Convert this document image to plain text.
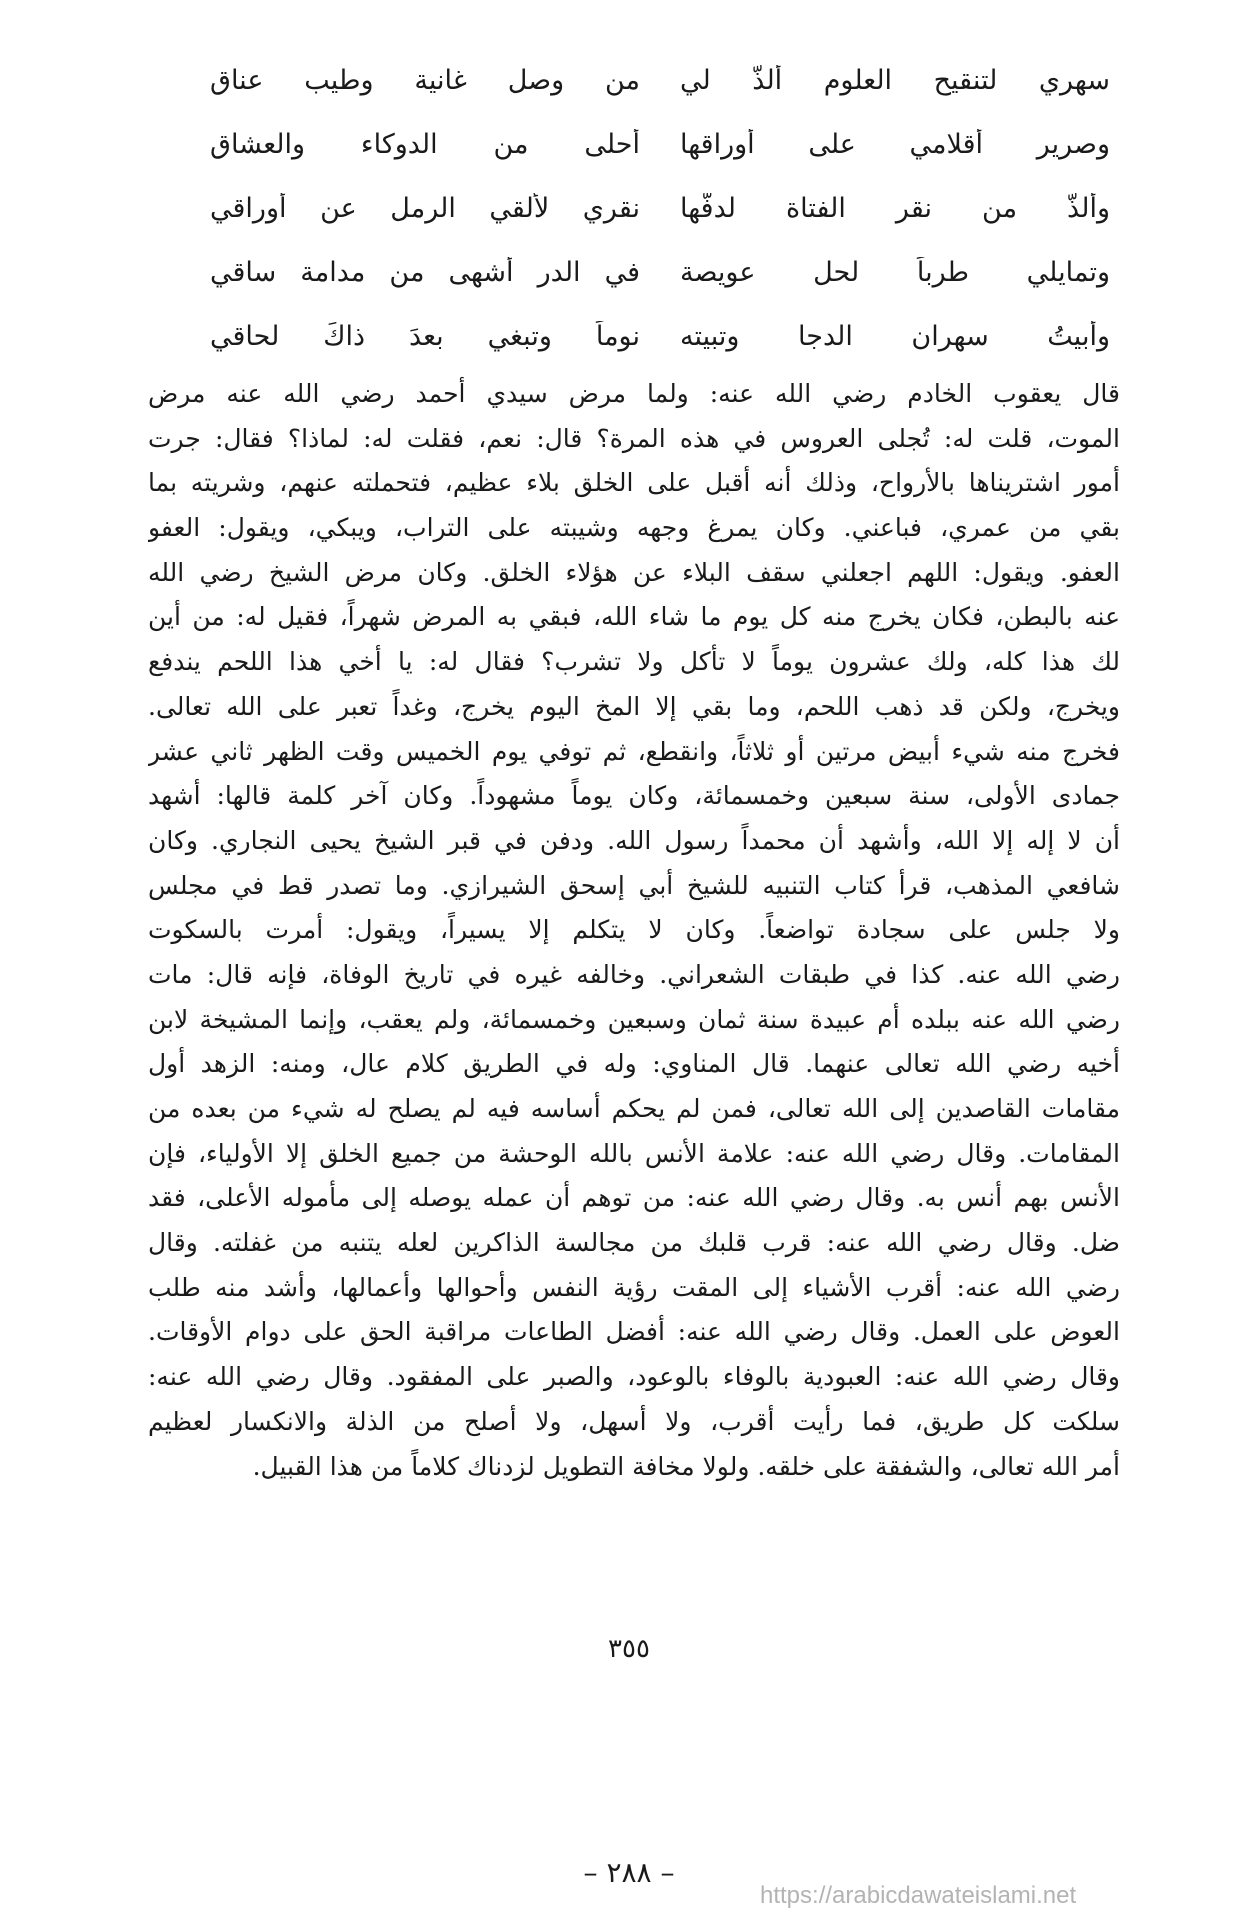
سهري لتنقيح العلوم ألذُّ لي
من وصل غانية وطيب عناق
وصرير أقلامي على أوراقها
أحلى من الدوكاء والعشاق
وألذُّ من نقر الفتاة لدفّها
نقري لألقي الرمل عن أوراقي
وتمايلي طرباً لحل عويصة
في الدر أشهى من مدامة ساقي
وأبيتُ سهران الدجا وتبيته
نوماً وتبغي بعدَ ذاكَ لحاقي
قال يعقوب الخادم رضي الله عنه: ولما مرض سيدي أحمد رضي الله عنه مرض
الموت، قلت له: تُجلى العروس في هذه المرة؟ قال: نعم، فقلت له: لماذا؟ فقال: جرت
أمور اشتريناها بالأرواح، وذلك أنه أقبل على الخلق بلاء عظيم، فتحملته عنهم، وشريته بما
بقي من عمري، فباعني. وكان يمرغ وجهه وشيبته على التراب، ويبكي، ويقول: العفو
العفو. ويقول: اللهم اجعلني سقف البلاء عن هؤلاء الخلق. وكان مرض الشيخ رضي الله
عنه بالبطن، فكان يخرج منه كل يوم ما شاء الله، فبقي به المرض شهراً، فقيل له: من أين
لك هذا كله، ولك عشرون يوماً لا تأكل ولا تشرب؟ فقال له: يا أخي هذا اللحم يندفع
ويخرج، ولكن قد ذهب اللحم، وما بقي إلا المخ اليوم يخرج، وغداً تعبر على الله تعالى.
فخرج منه شيء أبيض مرتين أو ثلاثاً، وانقطع، ثم توفي يوم الخميس وقت الظهر ثاني عشر
جمادى الأولى، سنة سبعين وخمسمائة، وكان يوماً مشهوداً. وكان آخر كلمة قالها: أشهد
أن لا إله إلا الله، وأشهد أن محمداً رسول الله. ودفن في قبر الشيخ يحيى النجاري. وكان
شافعي المذهب، قرأ كتاب التنبيه للشيخ أبي إسحق الشيرازي. وما تصدر قط في مجلس
ولا جلس على سجادة تواضعاً. وكان لا يتكلم إلا يسيراً، ويقول: أمرت بالسكوت
رضي الله عنه. كذا في طبقات الشعراني. وخالفه غيره في تاريخ الوفاة، فإنه قال: مات
رضي الله عنه ببلده أم عبيدة سنة ثمان وسبعين وخمسمائة، ولم يعقب، وإنما المشيخة لابن
أخيه رضي الله تعالى عنهما. قال المناوي: وله في الطريق كلام عال، ومنه: الزهد أول
مقامات القاصدين إلى الله تعالى، فمن لم يحكم أساسه فيه لم يصلح له شيء من بعده من
المقامات. وقال رضي الله عنه: علامة الأنس بالله الوحشة من جميع الخلق إلا الأولياء، فإن
الأنس بهم أنس به. وقال رضي الله عنه: من توهم أن عمله يوصله إلى مأموله الأعلى، فقد
ضل. وقال رضي الله عنه: قرب قلبك من مجالسة الذاكرين لعله يتنبه من غفلته. وقال
رضي الله عنه: أقرب الأشياء إلى المقت رؤية النفس وأحوالها وأعمالها، وأشد منه طلب
العوض على العمل. وقال رضي الله عنه: أفضل الطاعات مراقبة الحق على دوام الأوقات.
وقال رضي الله عنه: العبودية بالوفاء بالوعود، والصبر على المفقود. وقال رضي الله عنه:
سلكت كل طريق، فما رأيت أقرب، ولا أسهل، ولا أصلح من الذلة والانكسار لعظيم
أمر الله تعالى، والشفقة على خلقه. ولولا مخافة التطويل لزدناك كلاماً من هذا القبيل.
٣٥٥
– ٢٨٨ –
https://arabicdawateislami.net
